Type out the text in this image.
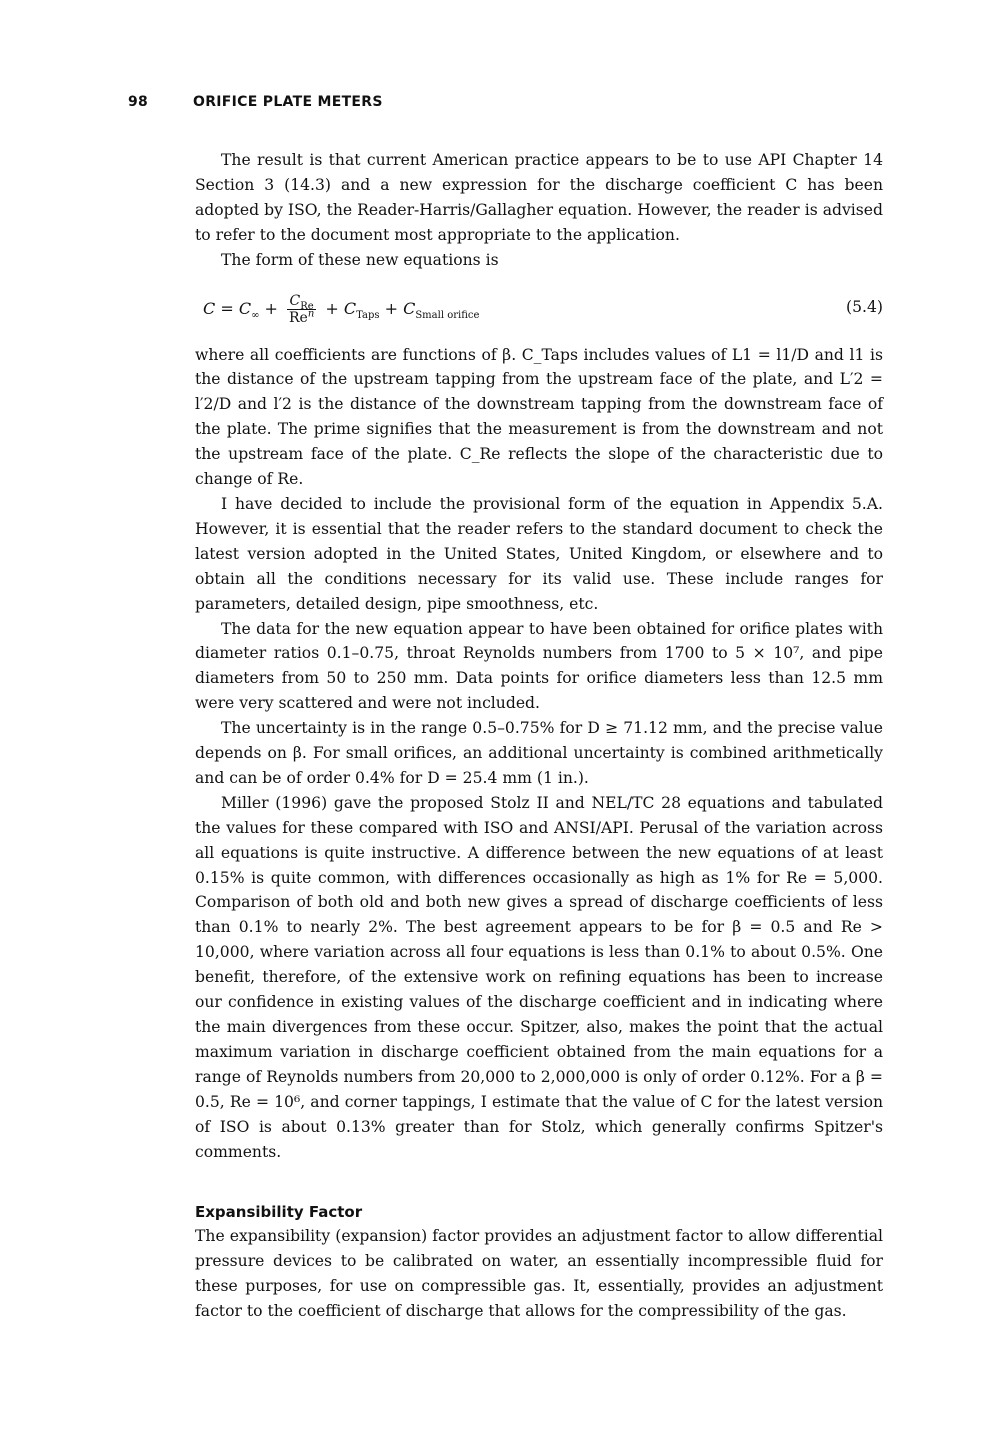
98	ORIFICE PLATE METERS

The result is that current American practice appears to be to use API Chapter 14 Section 3 (14.3) and a new expression for the discharge coefficient C has been adopted by ISO, the Reader-Harris/Gallagher equation. However, the reader is advised to refer to the document most appropriate to the application.

The form of these new equations is

$C = C_\infty + \frac{C_{Re}}{Re^n} + C_{Taps} + C_{Small orifice}$	(5.4)

where all coefficients are functions of β. C_Taps includes values of L1 = l1/D and l1 is the distance of the upstream tapping from the upstream face of the plate, and L′2 = l′2/D and l′2 is the distance of the downstream tapping from the downstream face of the plate. The prime signifies that the measurement is from the downstream and not the upstream face of the plate. C_Re reflects the slope of the characteristic due to change of Re.

I have decided to include the provisional form of the equation in Appendix 5.A. However, it is essential that the reader refers to the standard document to check the latest version adopted in the United States, United Kingdom, or elsewhere and to obtain all the conditions necessary for its valid use. These include ranges for parameters, detailed design, pipe smoothness, etc.

The data for the new equation appear to have been obtained for orifice plates with diameter ratios 0.1–0.75, throat Reynolds numbers from 1700 to 5 × 10⁷, and pipe diameters from 50 to 250 mm. Data points for orifice diameters less than 12.5 mm were very scattered and were not included.

The uncertainty is in the range 0.5–0.75% for D ≥ 71.12 mm, and the precise value depends on β. For small orifices, an additional uncertainty is combined arithmetically and can be of order 0.4% for D = 25.4 mm (1 in.).

Miller (1996) gave the proposed Stolz II and NEL/TC 28 equations and tabulated the values for these compared with ISO and ANSI/API. Perusal of the variation across all equations is quite instructive. A difference between the new equations of at least 0.15% is quite common, with differences occasionally as high as 1% for Re = 5,000. Comparison of both old and both new gives a spread of discharge coefficients of less than 0.1% to nearly 2%. The best agreement appears to be for β = 0.5 and Re > 10,000, where variation across all four equations is less than 0.1% to about 0.5%. One benefit, therefore, of the extensive work on refining equations has been to increase our confidence in existing values of the discharge coefficient and in indicating where the main divergences from these occur. Spitzer, also, makes the point that the actual maximum variation in discharge coefficient obtained from the main equations for a range of Reynolds numbers from 20,000 to 2,000,000 is only of order 0.12%. For a β = 0.5, Re = 10⁶, and corner tappings, I estimate that the value of C for the latest version of ISO is about 0.13% greater than for Stolz, which generally confirms Spitzer's comments.

Expansibility Factor

The expansibility (expansion) factor provides an adjustment factor to allow differential pressure devices to be calibrated on water, an essentially incompressible fluid for these purposes, for use on compressible gas. It, essentially, provides an adjustment factor to the coefficient of discharge that allows for the compressibility of the gas.
